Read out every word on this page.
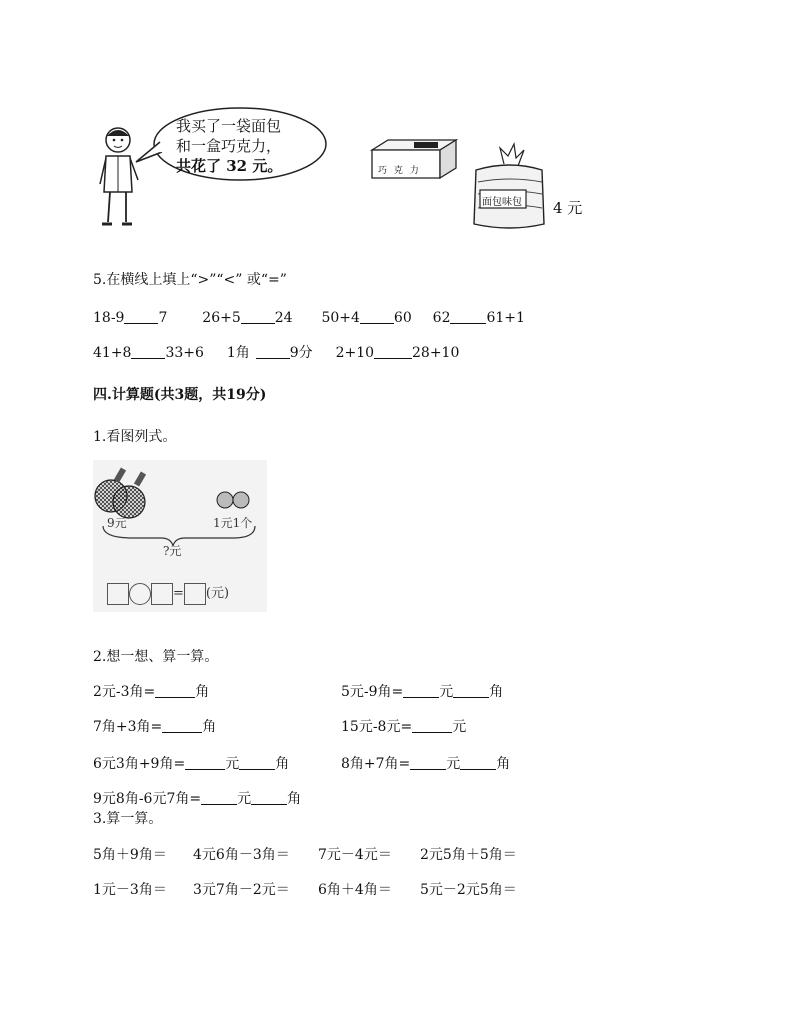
我买了一袋面包
和一盒巧克力，
共花了 32 元。	巧 克 力
面包味包 4 元
5.在横线上填上“>”“<” 或“=”
18-9 7 26+5 24 50+4 60 62	61+1
41+8 33+6 1角	9分 2+10	28+10
四.计算题(共3题，共19分)
1.看图列式。
9元	1元1个
?元
= (元)
2.想一想、算一算。
2元-3角=	角	5元-9角=	元	角
7角+3角=	角	15元-8元=	元
6元3角+9角=	元	角	8角+7角=	元	角
9元8角-6元7角=	元	角
3.算一算。
5角＋9角＝ 4元6角－3角＝ 7元－4元＝ 2元5角＋5角＝
1元－3角＝ 3元7角－2元＝ 6角＋4角＝ 5元－2元5角＝
